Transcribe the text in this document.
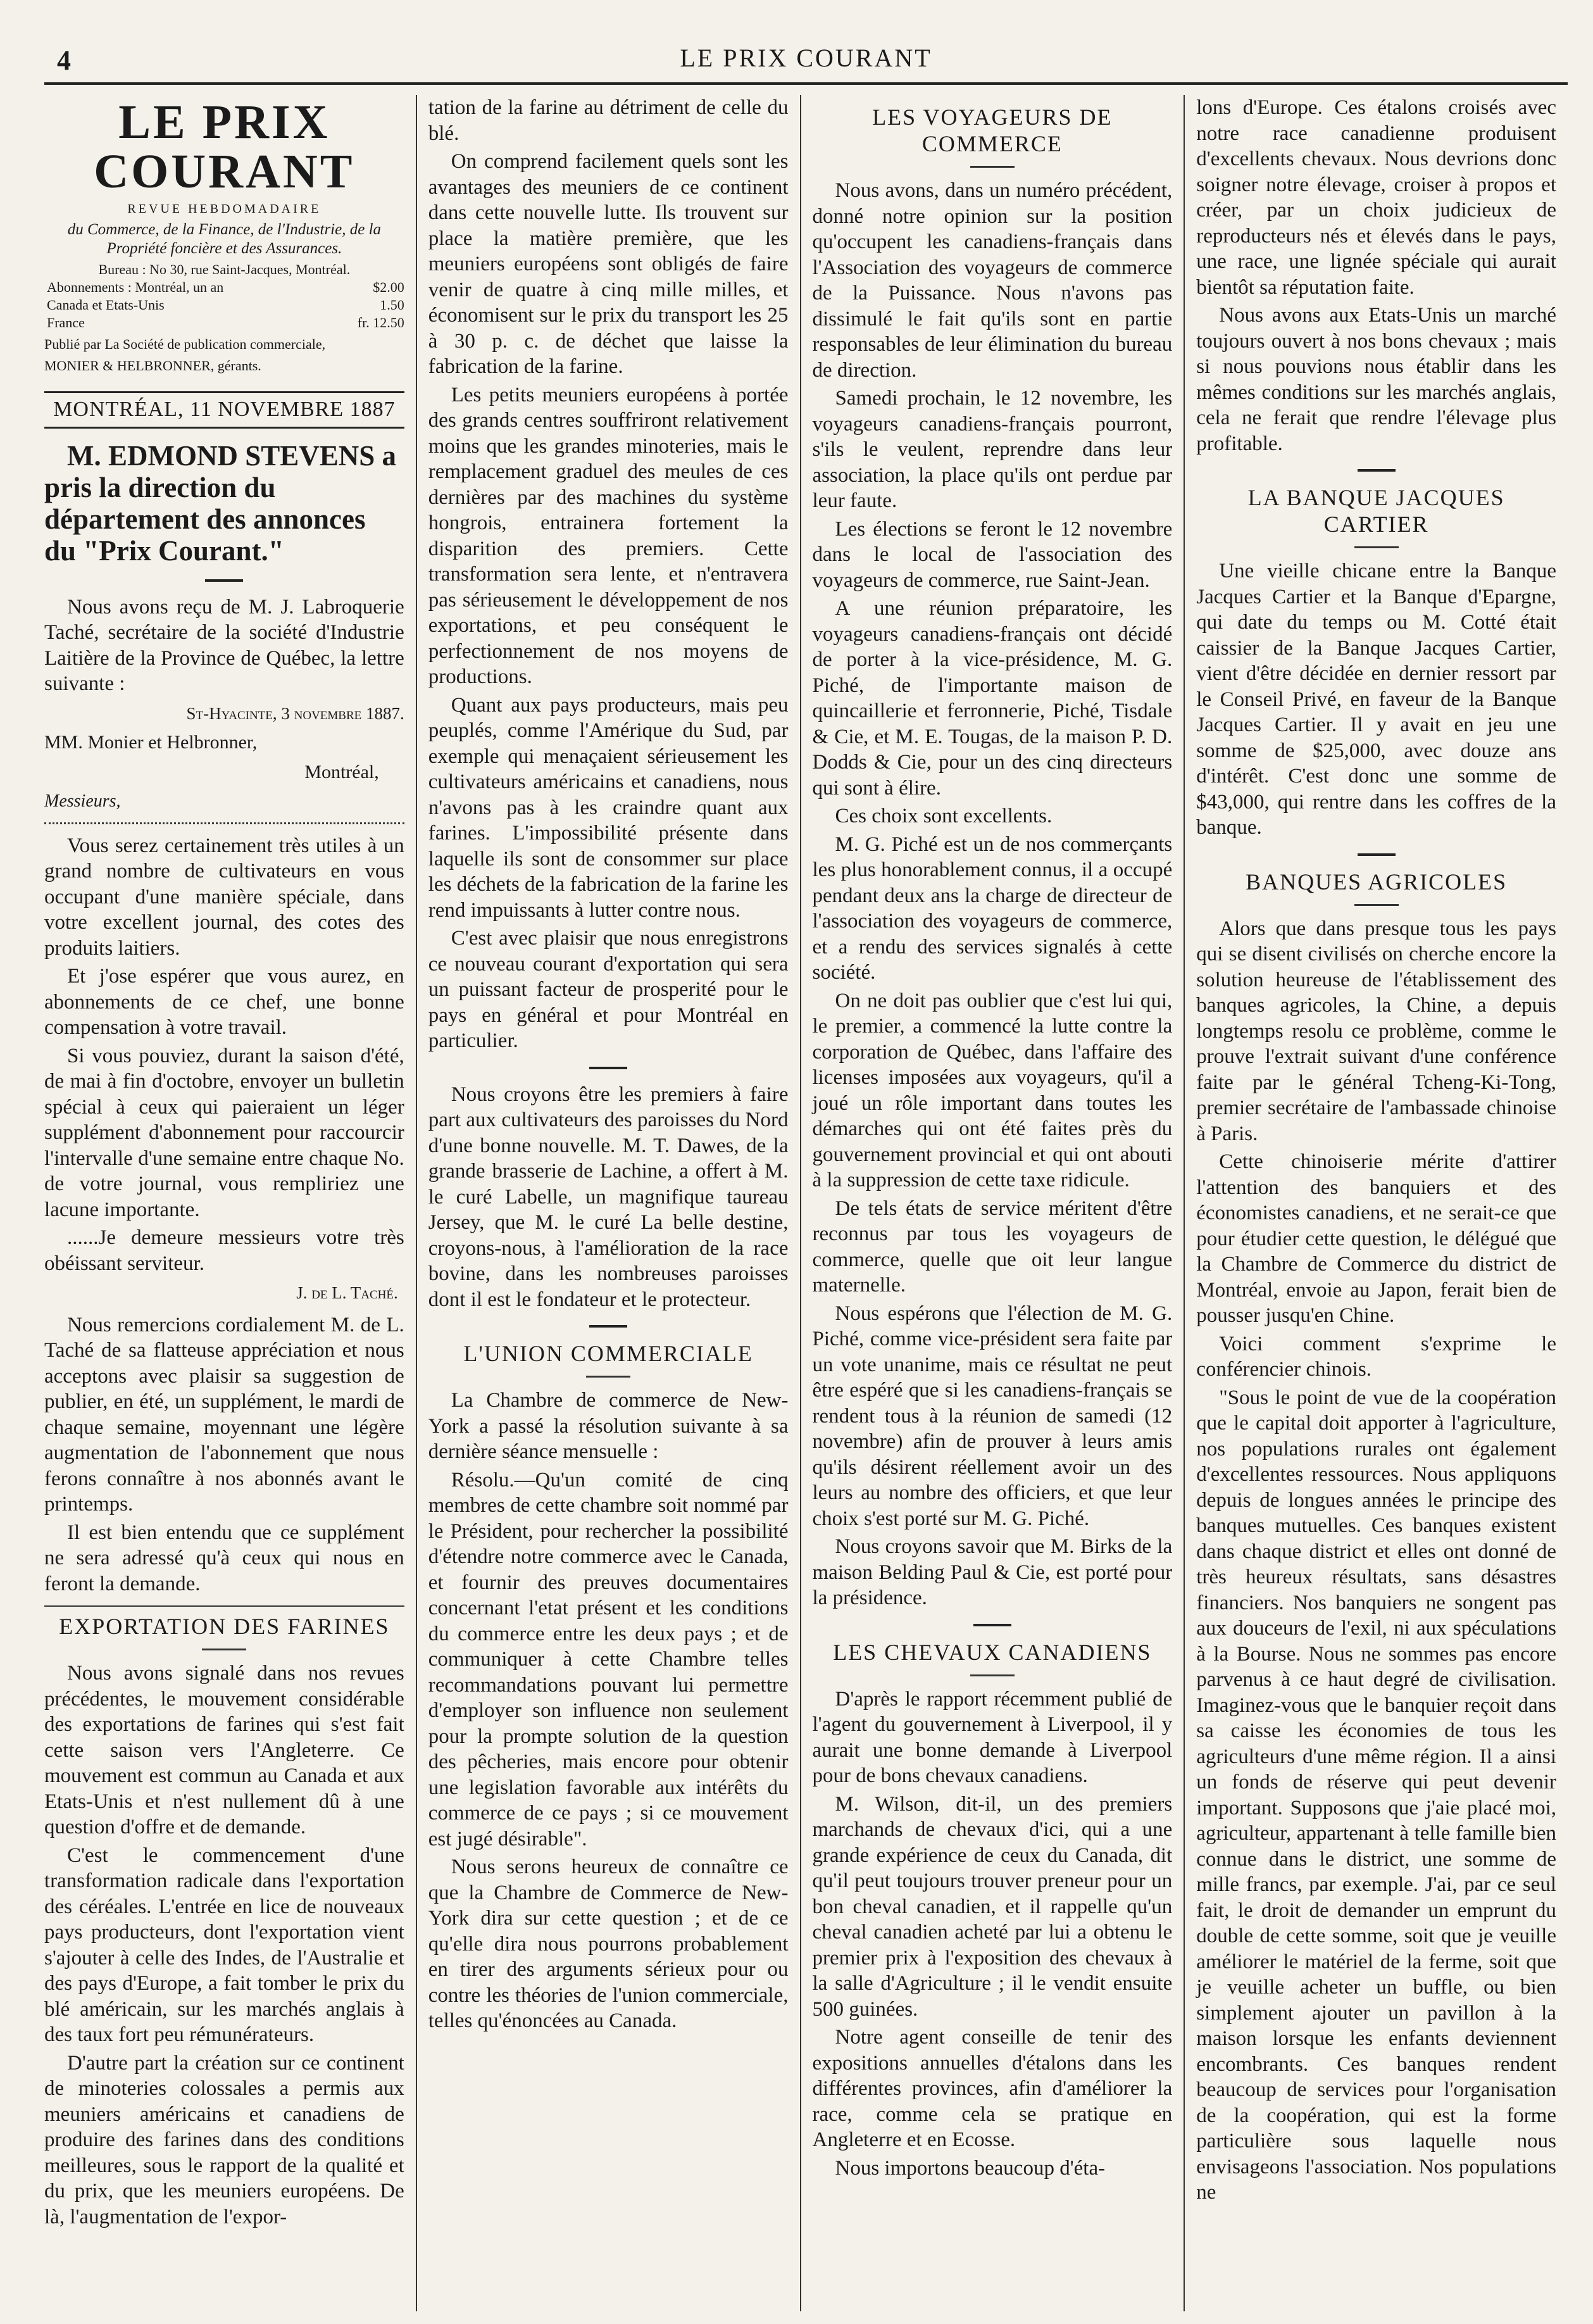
4	LE PRIX COURANT
LE PRIX COURANT
REVUE HEBDOMADAIRE
du Commerce, de la Finance, de l'Industrie, de la Propriété foncière et des Assurances.
Bureau : No 30, rue Saint-Jacques, Montréal.
Abonnements : Montréal, un an	$2.00
Canada et Etats-Unis	1.50
France	fr. 12.50
Publié par La Société de publication commerciale,
MONIER & HELBRONNER, gérants.
MONTRÉAL, 11 NOVEMBRE 1887

M. EDMOND STEVENS a pris la direction du département des annonces du "Prix Courant."

Nous avons reçu de M. J. Labroquerie Taché, secrétaire de la société d'Industrie Laitière de la Province de Québec, la lettre suivante :

St-Hyacinte, 3 novembre 1887.
MM. Monier et Helbronner,
Montréal,
Messieurs,

Vous serez certainement très utiles à un grand nombre de cultivateurs en vous occupant d'une manière spéciale, dans votre excellent journal, des cotes des produits laitiers.

Et j'ose espérer que vous aurez, en abonnements de ce chef, une bonne compensation à votre travail.

Si vous pouviez, durant la saison d'été, de mai à fin d'octobre, envoyer un bulletin spécial à ceux qui paieraient un léger supplément d'abonnement pour raccourcir l'intervalle d'une semaine entre chaque No. de votre journal, vous rempliriez une lacune importante.

......Je demeure messieurs votre très obéissant serviteur.

J. de L. Taché.

Nous remercions cordialement M. de L. Taché de sa flatteuse appréciation et nous acceptons avec plaisir sa suggestion de publier, en été, un supplément, le mardi de chaque semaine, moyennant une légère augmentation de l'abonnement que nous ferons connaître à nos abonnés avant le printemps.

Il est bien entendu que ce supplément ne sera adressé qu'à ceux qui nous en feront la demande.

EXPORTATION DES FARINES

Nous avons signalé dans nos revues précédentes, le mouvement considérable des exportations de farines qui s'est fait cette saison vers l'Angleterre. Ce mouvement est commun au Canada et aux Etats-Unis et n'est nullement dû à une question d'offre et de demande.

C'est le commencement d'une transformation radicale dans l'exportation des céréales. L'entrée en lice de nouveaux pays producteurs, dont l'exportation vient s'ajouter à celle des Indes, de l'Australie et des pays d'Europe, a fait tomber le prix du blé américain, sur les marchés anglais à des taux fort peu rémunérateurs.

D'autre part la création sur ce continent de minoteries colossales a permis aux meuniers américains et canadiens de produire des farines dans des conditions meilleures, sous le rapport de la qualité et du prix, que les meuniers européens. De là, l'augmentation de l'expor-

tation de la farine au détriment de celle du blé.

On comprend facilement quels sont les avantages des meuniers de ce continent dans cette nouvelle lutte. Ils trouvent sur place la matière première, que les meuniers européens sont obligés de faire venir de quatre à cinq mille milles, et économisent sur le prix du transport les 25 à 30 p. c. de déchet que laisse la fabrication de la farine.

Les petits meuniers européens à portée des grands centres souffriront relativement moins que les grandes minoteries, mais le remplacement graduel des meules de ces dernières par des machines du système hongrois, entrainera fortement la disparition des premiers. Cette transformation sera lente, et n'entravera pas sérieusement le développement de nos exportations, et peu conséquent le perfectionnement de nos moyens de productions.

Quant aux pays producteurs, mais peu peuplés, comme l'Amérique du Sud, par exemple qui menaçaient sérieusement les cultivateurs américains et canadiens, nous n'avons pas à les craindre quant aux farines. L'impossibilité présente dans laquelle ils sont de consommer sur place les déchets de la fabrication de la farine les rend impuissants à lutter contre nous.

C'est avec plaisir que nous enregistrons ce nouveau courant d'exportation qui sera un puissant facteur de prosperité pour le pays en général et pour Montréal en particulier.

Nous croyons être les premiers à faire part aux cultivateurs des paroisses du Nord d'une bonne nouvelle. M. T. Dawes, de la grande brasserie de Lachine, a offert à M. le curé Labelle, un magnifique taureau Jersey, que M. le curé La belle destine, croyons-nous, à l'amélioration de la race bovine, dans les nombreuses paroisses dont il est le fondateur et le protecteur.

L'UNION COMMERCIALE

La Chambre de commerce de New-York a passé la résolution suivante à sa dernière séance mensuelle :

Résolu.—Qu'un comité de cinq membres de cette chambre soit nommé par le Président, pour rechercher la possibilité d'étendre notre commerce avec le Canada, et fournir des preuves documentaires concernant l'etat présent et les conditions du commerce entre les deux pays ; et de communiquer à cette Chambre telles recommandations pouvant lui permettre d'employer son influence non seulement pour la prompte solution de la question des pêcheries, mais encore pour obtenir une legislation favorable aux intérêts du commerce de ce pays ; si ce mouvement est jugé désirable".

Nous serons heureux de connaître ce que la Chambre de Commerce de New-York dira sur cette question ; et de ce qu'elle dira nous pourrons probablement en tirer des arguments sérieux pour ou contre les théories de l'union commerciale, telles qu'énoncées au Canada.

LES VOYAGEURS DE COMMERCE

Nous avons, dans un numéro précédent, donné notre opinion sur la position qu'occupent les canadiens-français dans l'Association des voyageurs de commerce de la Puissance. Nous n'avons pas dissimulé le fait qu'ils sont en partie responsables de leur élimination du bureau de direction.

Samedi prochain, le 12 novembre, les voyageurs canadiens-français pourront, s'ils le veulent, reprendre dans leur association, la place qu'ils ont perdue par leur faute.

Les élections se feront le 12 novembre dans le local de l'association des voyageurs de commerce, rue Saint-Jean.

A une réunion préparatoire, les voyageurs canadiens-français ont décidé de porter à la vice-présidence, M. G. Piché, de l'importante maison de quincaillerie et ferronnerie, Piché, Tisdale & Cie, et M. E. Tougas, de la maison P. D. Dodds & Cie, pour un des cinq directeurs qui sont à élire.

Ces choix sont excellents.

M. G. Piché est un de nos commerçants les plus honorablement connus, il a occupé pendant deux ans la charge de directeur de l'association des voyageurs de commerce, et a rendu des services signalés à cette société.

On ne doit pas oublier que c'est lui qui, le premier, a commencé la lutte contre la corporation de Québec, dans l'affaire des licenses imposées aux voyageurs, qu'il a joué un rôle important dans toutes les démarches qui ont été faites près du gouvernement provincial et qui ont abouti à la suppression de cette taxe ridicule.

De tels états de service méritent d'être reconnus par tous les voyageurs de commerce, quelle que oit leur langue maternelle.

Nous espérons que l'élection de M. G. Piché, comme vice-président sera faite par un vote unanime, mais ce résultat ne peut être espéré que si les canadiens-français se rendent tous à la réunion de samedi (12 novembre) afin de prouver à leurs amis qu'ils désirent réellement avoir un des leurs au nombre des officiers, et que leur choix s'est porté sur M. G. Piché.

Nous croyons savoir que M. Birks de la maison Belding Paul & Cie, est porté pour la présidence.

LES CHEVAUX CANADIENS

D'après le rapport récemment publié de l'agent du gouvernement à Liverpool, il y aurait une bonne demande à Liverpool pour de bons chevaux canadiens.

M. Wilson, dit-il, un des premiers marchands de chevaux d'ici, qui a une grande expérience de ceux du Canada, dit qu'il peut toujours trouver preneur pour un bon cheval canadien, et il rappelle qu'un cheval canadien acheté par lui a obtenu le premier prix à l'exposition des chevaux à la salle d'Agriculture ; il le vendit ensuite 500 guinées.

Notre agent conseille de tenir des expositions annuelles d'étalons dans les différentes provinces, afin d'améliorer la race, comme cela se pratique en Angleterre et en Ecosse.

Nous importons beaucoup d'éta-

lons d'Europe. Ces étalons croisés avec notre race canadienne produisent d'excellents chevaux. Nous devrions donc soigner notre élevage, croiser à propos et créer, par un choix judicieux de reproducteurs nés et élevés dans le pays, une race, une lignée spéciale qui aurait bientôt sa réputation faite.

Nous avons aux Etats-Unis un marché toujours ouvert à nos bons chevaux ; mais si nous pouvions nous établir dans les mêmes conditions sur les marchés anglais, cela ne ferait que rendre l'élevage plus profitable.

LA BANQUE JACQUES CARTIER

Une vieille chicane entre la Banque Jacques Cartier et la Banque d'Epargne, qui date du temps ou M. Cotté était caissier de la Banque Jacques Cartier, vient d'être décidée en dernier ressort par le Conseil Privé, en faveur de la Banque Jacques Cartier. Il y avait en jeu une somme de $25,000, avec douze ans d'intérêt. C'est donc une somme de $43,000, qui rentre dans les coffres de la banque.

BANQUES AGRICOLES

Alors que dans presque tous les pays qui se disent civilisés on cherche encore la solution heureuse de l'établissement des banques agricoles, la Chine, a depuis longtemps resolu ce problème, comme le prouve l'extrait suivant d'une conférence faite par le général Tcheng-Ki-Tong, premier secrétaire de l'ambassade chinoise à Paris.

Cette chinoiserie mérite d'attirer l'attention des banquiers et des économistes canadiens, et ne serait-ce que pour étudier cette question, le délégué que la Chambre de Commerce du district de Montréal, envoie au Japon, ferait bien de pousser jusqu'en Chine.

Voici comment s'exprime le conférencier chinois.

"Sous le point de vue de la coopération que le capital doit apporter à l'agriculture, nos populations rurales ont également d'excellentes ressources. Nous appliquons depuis de longues années le principe des banques mutuelles. Ces banques existent dans chaque district et elles ont donné de très heureux résultats, sans désastres financiers. Nos banquiers ne songent pas aux douceurs de l'exil, ni aux spéculations à la Bourse. Nous ne sommes pas encore parvenus à ce haut degré de civilisation. Imaginez-vous que le banquier reçoit dans sa caisse les économies de tous les agriculteurs d'une même région. Il a ainsi un fonds de réserve qui peut devenir important. Supposons que j'aie placé moi, agriculteur, appartenant à telle famille bien connue dans le district, une somme de mille francs, par exemple. J'ai, par ce seul fait, le droit de demander un emprunt du double de cette somme, soit que je veuille améliorer le matériel de la ferme, soit que je veuille acheter un buffle, ou bien simplement ajouter un pavillon à la maison lorsque les enfants deviennent encombrants. Ces banques rendent beaucoup de services pour l'organisation de la coopération, qui est la forme particulière sous laquelle nous envisageons l'association. Nos populations ne
